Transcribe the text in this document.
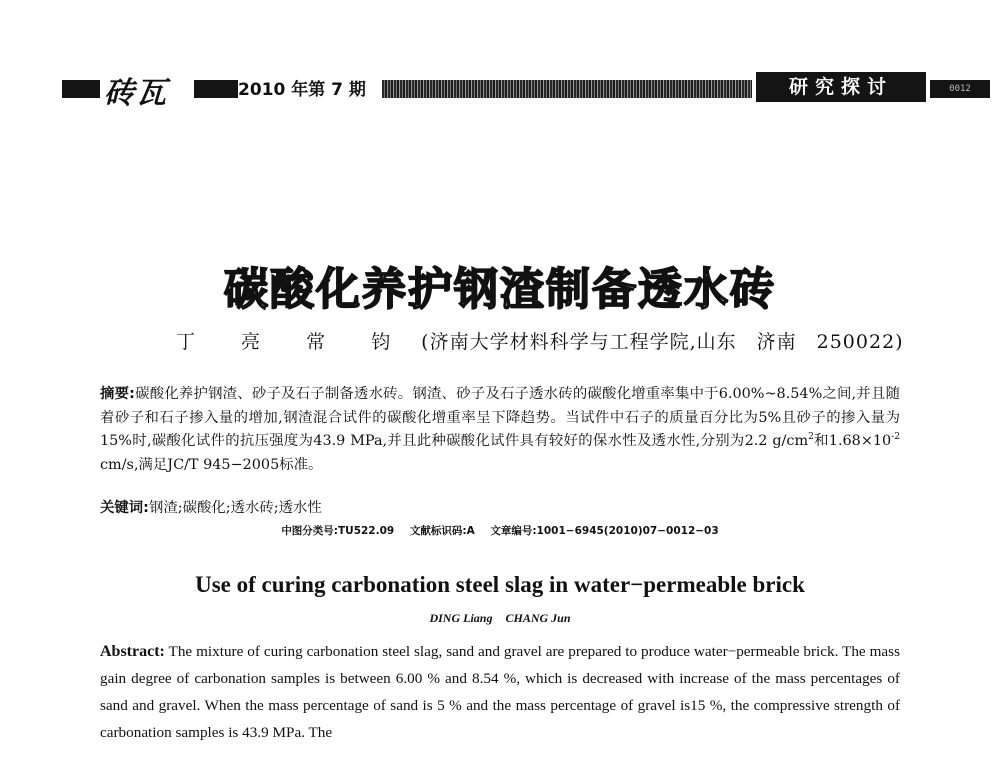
砖瓦	2010 年第 7 期	研究探讨	0012
碳酸化养护钢渣制备透水砖
丁 亮 常 钧 (济南大学材料科学与工程学院,山东　济南　250022)
摘要:碳酸化养护钢渣、砂子及石子制备透水砖。钢渣、砂子及石子透水砖的碳酸化增重率集中于6.00%~8.54%之间,并且随着砂子和石子掺入量的增加,钢渣混合试件的碳酸化增重率呈下降趋势。当试件中石子的质量百分比为5%且砂子的掺入量为15%时,碳酸化试件的抗压强度为43.9 MPa,并且此种碳酸化试件具有较好的保水性及透水性,分别为2.2 $g/cm^2$和$1.68\times 10^{-2}$ cm/s,满足JC/T 945−2005标准。
关键词:钢渣;碳酸化;透水砖;透水性
中图分类号:TU522.09 文献标识码:A 文章编号:1001−6945(2010)07−0012−03
Use of curing carbonation steel slag in water−permeable brick
DING Liang CHANG Jun
Abstract: The mixture of curing carbonation steel slag, sand and gravel are prepared to produce water−permeable brick. The mass gain degree of carbonation samples is between 6.00 % and 8.54 %, which is decreased with increase of the mass percentages of sand and gravel. When the mass percentage of sand is 5 % and the mass percentage of gravel is15 %, the compressive strength of carbonation samples is 43.9 MPa. The
